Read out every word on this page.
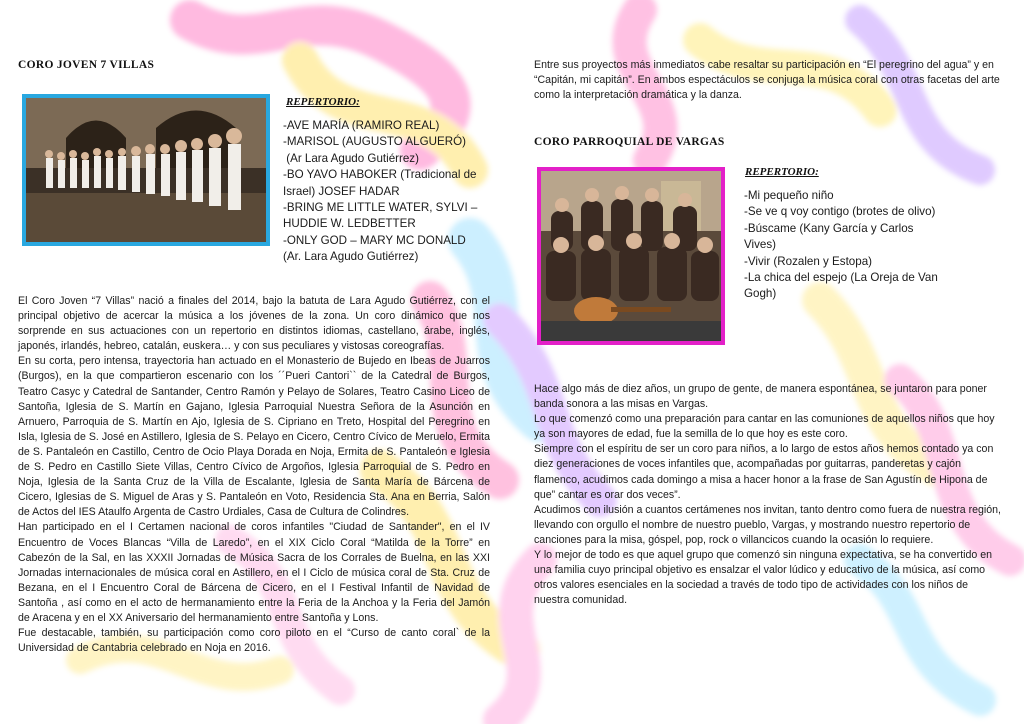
CORO JOVEN 7 VILLAS
REPERTORIO:
-AVE MARÍA (RAMIRO REAL)
-MARISOL (AUGUSTO ALGUERÓ)
(Ar Lara Agudo Gutiérrez)
-BO YAVO HABOKER (Tradicional de
Israel) JOSEF HADAR
-BRING ME LITTLE WATER, SYLVI –
HUDDIE W. LEDBETTER
-ONLY GOD – MARY MC DONALD
(Ar. Lara Agudo Gutiérrez)

El Coro Joven “7 Villas” nació a finales del 2014, bajo la batuta de Lara Agudo Gutiérrez, con el principal objetivo de acercar la música a los jóvenes de la zona. Un coro dinámico que nos sorprende en sus actuaciones con un repertorio en distintos idiomas, castellano, árabe, inglés, japonés, irlandés, hebreo, catalán, euskera… y con sus peculiares y vistosas coreografías.

En su corta, pero intensa, trayectoria han actuado en el Monasterio de Bujedo en Ibeas de Juarros (Burgos), en la que compartieron escenario con los ´´Pueri Cantori`` de la Catedral de Burgos, Teatro Casyc y Catedral de Santander, Centro Ramón y Pelayo de Solares, Teatro Casino Liceo de Santoña, Iglesia de S. Martín en Gajano, Iglesia Parroquial Nuestra Señora de la Asunción en Arnuero, Parroquia de S. Martín en Ajo, Iglesia de S. Cipriano en Treto, Hospital del Peregrino en Isla, Iglesia de S. José en Astillero, Iglesia de S. Pelayo en Cicero, Centro Cívico de Meruelo, Ermita de S. Pantaleón en Castillo, Centro de Ocio Playa Dorada en Noja, Ermita de S. Pantaleón e Iglesia de S. Pedro en Castillo Siete Villas, Centro Cívico de Argoños, Iglesia Parroquial de S. Pedro en Noja, Iglesia de la Santa Cruz de la Villa de Escalante, Iglesia de Santa María de Bárcena de Cicero, Iglesias de S. Miguel de Aras y S. Pantaleón en Voto, Residencia Sta. Ana en Berria, Salón de Actos del IES Ataulfo Argenta de Castro Urdiales, Casa de Cultura de Colindres.

Han participado en el I Certamen nacional de coros infantiles "Ciudad de Santander", en el IV Encuentro de Voces Blancas “Villa de Laredo”, en el XIX Ciclo Coral “Matilda de la Torre” en Cabezón de la Sal, en las XXXII Jornadas de Música Sacra de los Corrales de Buelna, en las XXI Jornadas internacionales de música coral en Astillero, en el I Ciclo de música coral de Sta. Cruz de Bezana, en el I Encuentro Coral de Bárcena de Cicero, en el I Festival Infantil de Navidad de Santoña , así como en el acto de hermanamiento entre la Feria de la Anchoa y la Feria del Jamón de Aracena y en el XX Aniversario del hermanamiento entre Santoña y Lons.

Fue destacable, también, su participación como coro piloto en el “Curso de canto coral` de la Universidad de Cantabria celebrado en Noja en 2016.

Entre sus proyectos más inmediatos cabe resaltar su participación en “El peregrino del agua” y en “Capitán, mi capitán”. En ambos espectáculos se conjuga la música coral con otras facetas del arte como la interpretación dramática y la danza.

CORO PARROQUIAL DE VARGAS
REPERTORIO:
-Mi pequeño niño
-Se ve q voy contigo (brotes de olivo)
-Búscame (Kany García y Carlos
Vives)
-Vivir (Rozalen y Estopa)
-La chica del espejo (La Oreja de Van
Gogh)

Hace algo más de diez años, un grupo de gente, de manera espontánea, se juntaron para poner banda sonora a las misas en Vargas.

Lo que comenzó como una preparación para cantar en las comuniones de aquellos niños que hoy ya son mayores de edad, fue la semilla de lo que hoy es este coro.

Siempre con el espíritu de ser un coro para niños, a lo largo de estos años hemos contado ya con diez generaciones de voces infantiles que, acompañadas por guitarras, panderetas y cajón flamenco, acudimos cada domingo a misa a hacer honor a la frase de San Agustín de Hipona de que” cantar es orar dos veces”.

Acudimos con ilusión a cuantos certámenes nos invitan, tanto dentro como fuera de nuestra región, llevando con orgullo el nombre de nuestro pueblo, Vargas, y mostrando nuestro repertorio de canciones para la misa, góspel, pop, rock o villancicos cuando la ocasión lo requiere.

Y lo mejor de todo es que aquel grupo que comenzó sin ninguna expectativa, se ha convertido en una familia cuyo principal objetivo es ensalzar el valor lúdico y educativo de la música, así como otros valores esenciales en la sociedad a través de todo tipo de actividades con los niños de nuestra comunidad.
